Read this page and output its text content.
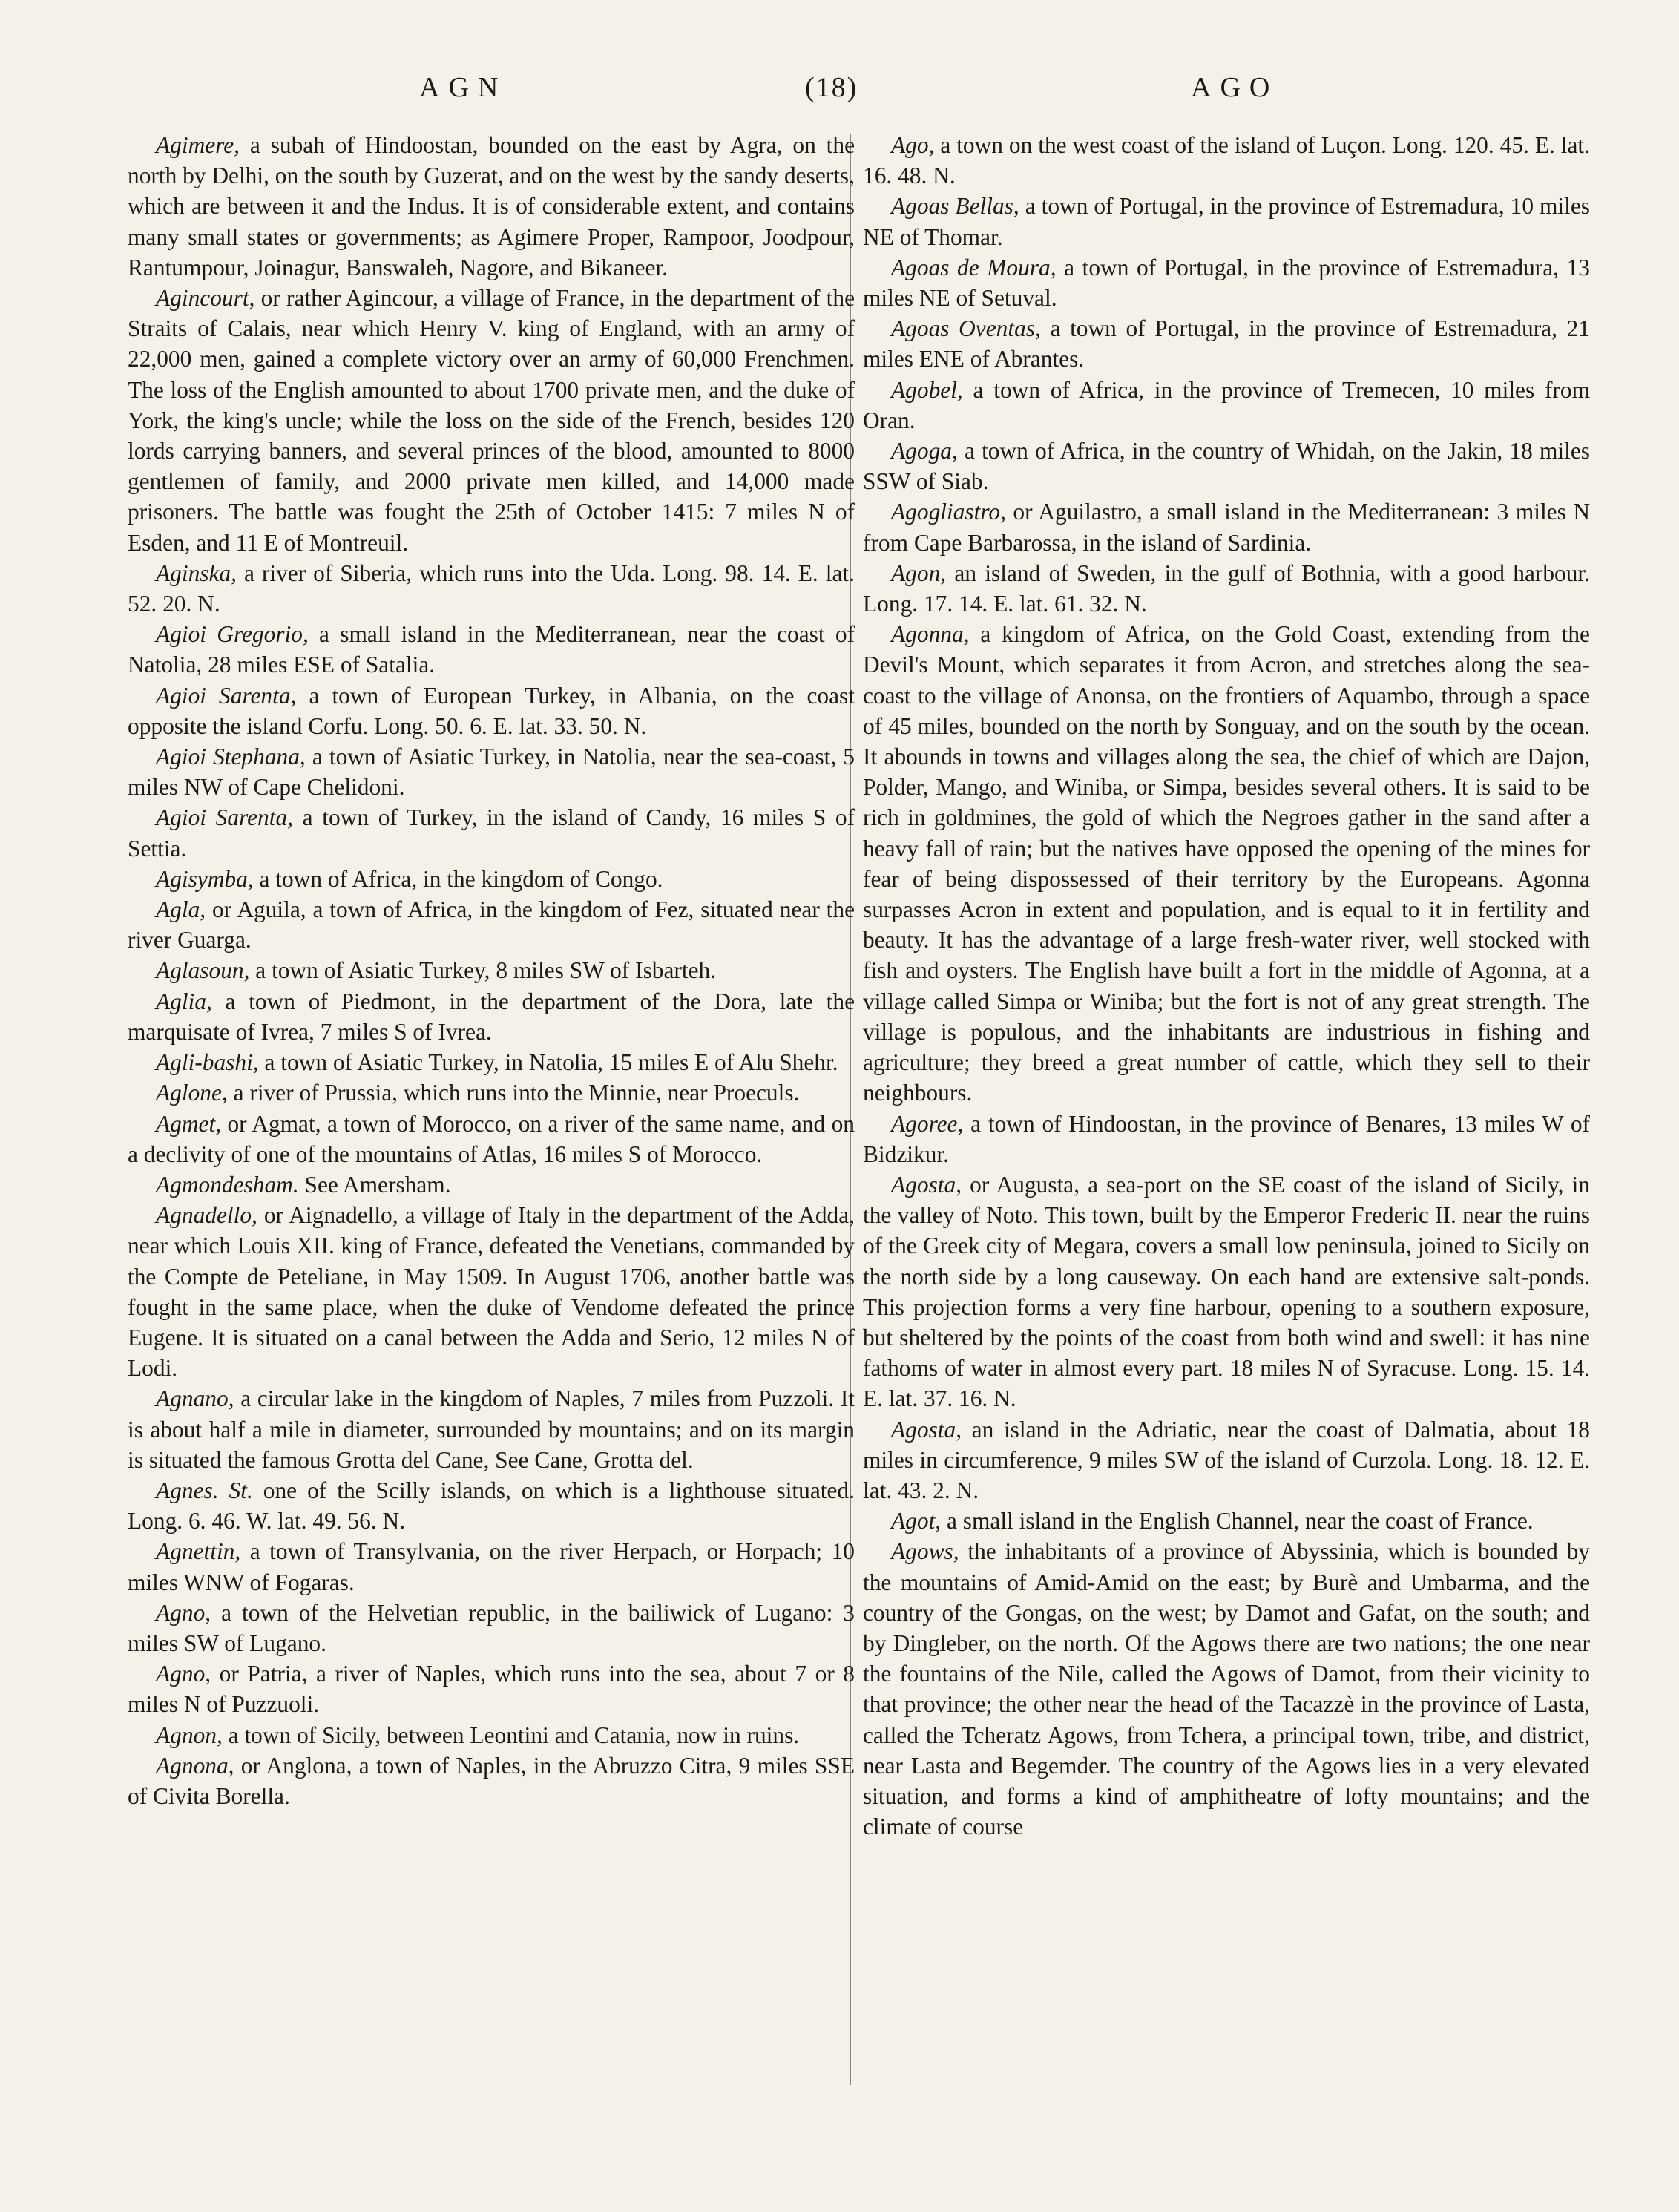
AGN	(18)	AGO

Agimere, a subah of Hindoostan, bounded on the east by Agra, on the north by Delhi, on the south by Guzerat, and on the west by the sandy deserts, which are between it and the Indus. It is of considerable extent, and contains many small states or governments; as Agimere Proper, Rampoor, Joodpour, Rantumpour, Joinagur, Banswaleh, Nagore, and Bikaneer.

Agincourt, or rather Agincour, a village of France, in the department of the Straits of Calais, near which Henry V. king of England, with an army of 22,000 men, gained a complete victory over an army of 60,000 Frenchmen. The loss of the English amounted to about 1700 private men, and the duke of York, the king's uncle; while the loss on the side of the French, besides 120 lords carrying banners, and several princes of the blood, amounted to 8000 gentlemen of family, and 2000 private men killed, and 14,000 made prisoners. The battle was fought the 25th of October 1415: 7 miles N of Esden, and 11 E of Montreuil.

Aginska, a river of Siberia, which runs into the Uda. Long. 98. 14. E. lat. 52. 20. N.

Agioi Gregorio, a small island in the Mediterranean, near the coast of Natolia, 28 miles ESE of Satalia.

Agioi Sarenta, a town of European Turkey, in Albania, on the coast opposite the island Corfu. Long. 50. 6. E. lat. 33. 50. N.

Agioi Stephana, a town of Asiatic Turkey, in Natolia, near the sea-coast, 5 miles NW of Cape Chelidoni.

Agioi Sarenta, a town of Turkey, in the island of Candy, 16 miles S of Settia.

Agisymba, a town of Africa, in the kingdom of Congo.

Agla, or Aguila, a town of Africa, in the kingdom of Fez, situated near the river Guarga.

Aglasoun, a town of Asiatic Turkey, 8 miles SW of Isbarteh.

Aglia, a town of Piedmont, in the department of the Dora, late the marquisate of Ivrea, 7 miles S of Ivrea.

Agli-bashi, a town of Asiatic Turkey, in Natolia, 15 miles E of Alu Shehr.

Aglone, a river of Prussia, which runs into the Minnie, near Proeculs.

Agmet, or Agmat, a town of Morocco, on a river of the same name, and on a declivity of one of the mountains of Atlas, 16 miles S of Morocco.

Agmondesham. See Amersham.

Agnadello, or Aignadello, a village of Italy in the department of the Adda, near which Louis XII. king of France, defeated the Venetians, commanded by the Compte de Peteliane, in May 1509. In August 1706, another battle was fought in the same place, when the duke of Vendome defeated the prince Eugene. It is situated on a canal between the Adda and Serio, 12 miles N of Lodi.

Agnano, a circular lake in the kingdom of Naples, 7 miles from Puzzoli. It is about half a mile in diameter, surrounded by mountains; and on its margin is situated the famous Grotta del Cane, See Cane, Grotta del.

Agnes. St. one of the Scilly islands, on which is a lighthouse situated. Long. 6. 46. W. lat. 49. 56. N.

Agnettin, a town of Transylvania, on the river Herpach, or Horpach; 10 miles WNW of Fogaras.

Agno, a town of the Helvetian republic, in the bailiwick of Lugano: 3 miles SW of Lugano.

Agno, or Patria, a river of Naples, which runs into the sea, about 7 or 8 miles N of Puzzuoli.

Agnon, a town of Sicily, between Leontini and Catania, now in ruins.

Agnona, or Anglona, a town of Naples, in the Abruzzo Citra, 9 miles SSE of Civita Borella.

Ago, a town on the west coast of the island of Luçon. Long. 120. 45. E. lat. 16. 48. N.

Agoas Bellas, a town of Portugal, in the province of Estremadura, 10 miles NE of Thomar.

Agoas de Moura, a town of Portugal, in the province of Estremadura, 13 miles NE of Setuval.

Agoas Oventas, a town of Portugal, in the province of Estremadura, 21 miles ENE of Abrantes.

Agobel, a town of Africa, in the province of Tremecen, 10 miles from Oran.

Agoga, a town of Africa, in the country of Whidah, on the Jakin, 18 miles SSW of Siab.

Agogliastro, or Aguilastro, a small island in the Mediterranean: 3 miles N from Cape Barbarossa, in the island of Sardinia.

Agon, an island of Sweden, in the gulf of Bothnia, with a good harbour. Long. 17. 14. E. lat. 61. 32. N.

Agonna, a kingdom of Africa, on the Gold Coast, extending from the Devil's Mount, which separates it from Acron, and stretches along the sea-coast to the village of Anonsa, on the frontiers of Aquambo, through a space of 45 miles, bounded on the north by Songuay, and on the south by the ocean. It abounds in towns and villages along the sea, the chief of which are Dajon, Polder, Mango, and Winiba, or Simpa, besides several others. It is said to be rich in goldmines, the gold of which the Negroes gather in the sand after a heavy fall of rain; but the natives have opposed the opening of the mines for fear of being dispossessed of their territory by the Europeans. Agonna surpasses Acron in extent and population, and is equal to it in fertility and beauty. It has the advantage of a large fresh-water river, well stocked with fish and oysters. The English have built a fort in the middle of Agonna, at a village called Simpa or Winiba; but the fort is not of any great strength. The village is populous, and the inhabitants are industrious in fishing and agriculture; they breed a great number of cattle, which they sell to their neighbours.

Agoree, a town of Hindoostan, in the province of Benares, 13 miles W of Bidzikur.

Agosta, or Augusta, a sea-port on the SE coast of the island of Sicily, in the valley of Noto. This town, built by the Emperor Frederic II. near the ruins of the Greek city of Megara, covers a small low peninsula, joined to Sicily on the north side by a long causeway. On each hand are extensive salt-ponds. This projection forms a very fine harbour, opening to a southern exposure, but sheltered by the points of the coast from both wind and swell: it has nine fathoms of water in almost every part. 18 miles N of Syracuse. Long. 15. 14. E. lat. 37. 16. N.

Agosta, an island in the Adriatic, near the coast of Dalmatia, about 18 miles in circumference, 9 miles SW of the island of Curzola. Long. 18. 12. E. lat. 43. 2. N.

Agot, a small island in the English Channel, near the coast of France.

Agows, the inhabitants of a province of Abyssinia, which is bounded by the mountains of Amid-Amid on the east; by Burè and Umbarma, and the country of the Gongas, on the west; by Damot and Gafat, on the south; and by Dingleber, on the north. Of the Agows there are two nations; the one near the fountains of the Nile, called the Agows of Damot, from their vicinity to that province; the other near the head of the Tacazzè in the province of Lasta, called the Tcheratz Agows, from Tchera, a principal town, tribe, and district, near Lasta and Begemder. The country of the Agows lies in a very elevated situation, and forms a kind of amphitheatre of lofty mountains; and the climate of course
